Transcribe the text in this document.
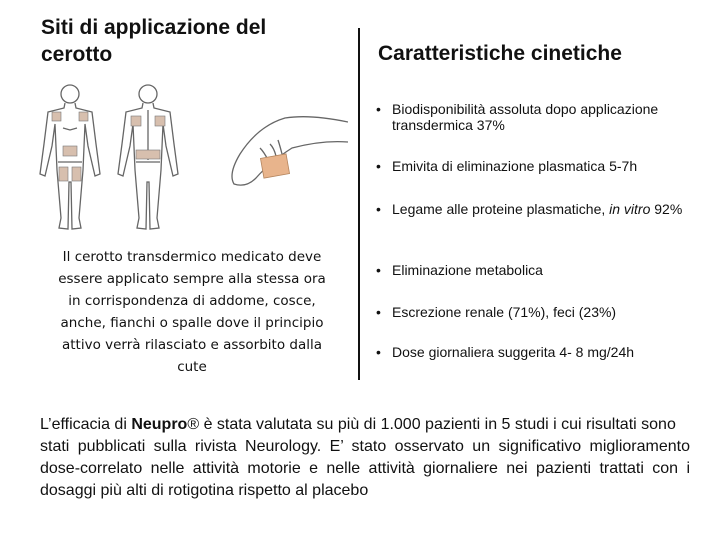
Siti di applicazione del cerotto	Caratteristiche cinetiche
Il cerotto transdermico medicato deve essere applicato sempre alla stessa ora in corrispondenza di addome, cosce, anche, fianchi o spalle dove il principio attivo verrà rilasciato e assorbito dalla cute
• Biodisponibilità assoluta dopo applicazione transdermica 37%
• Emivita di eliminazione plasmatica 5-7h
• Legame alle proteine plasmatiche, in vitro 92%
• Eliminazione metabolica
• Escrezione renale (71%), feci (23%)
• Dose giornaliera suggerita 4- 8 mg/24h
L’efficacia di Neupro® è stata valutata su più di 1.000 pazienti in 5 studi i cui risultati sono
stati pubblicati sulla rivista Neurology. E’ stato osservato un significativo miglioramento dose-correlato nelle attività motorie e nelle attività giornaliere nei pazienti trattati con i dosaggi più alti di rotigotina rispetto al placebo
